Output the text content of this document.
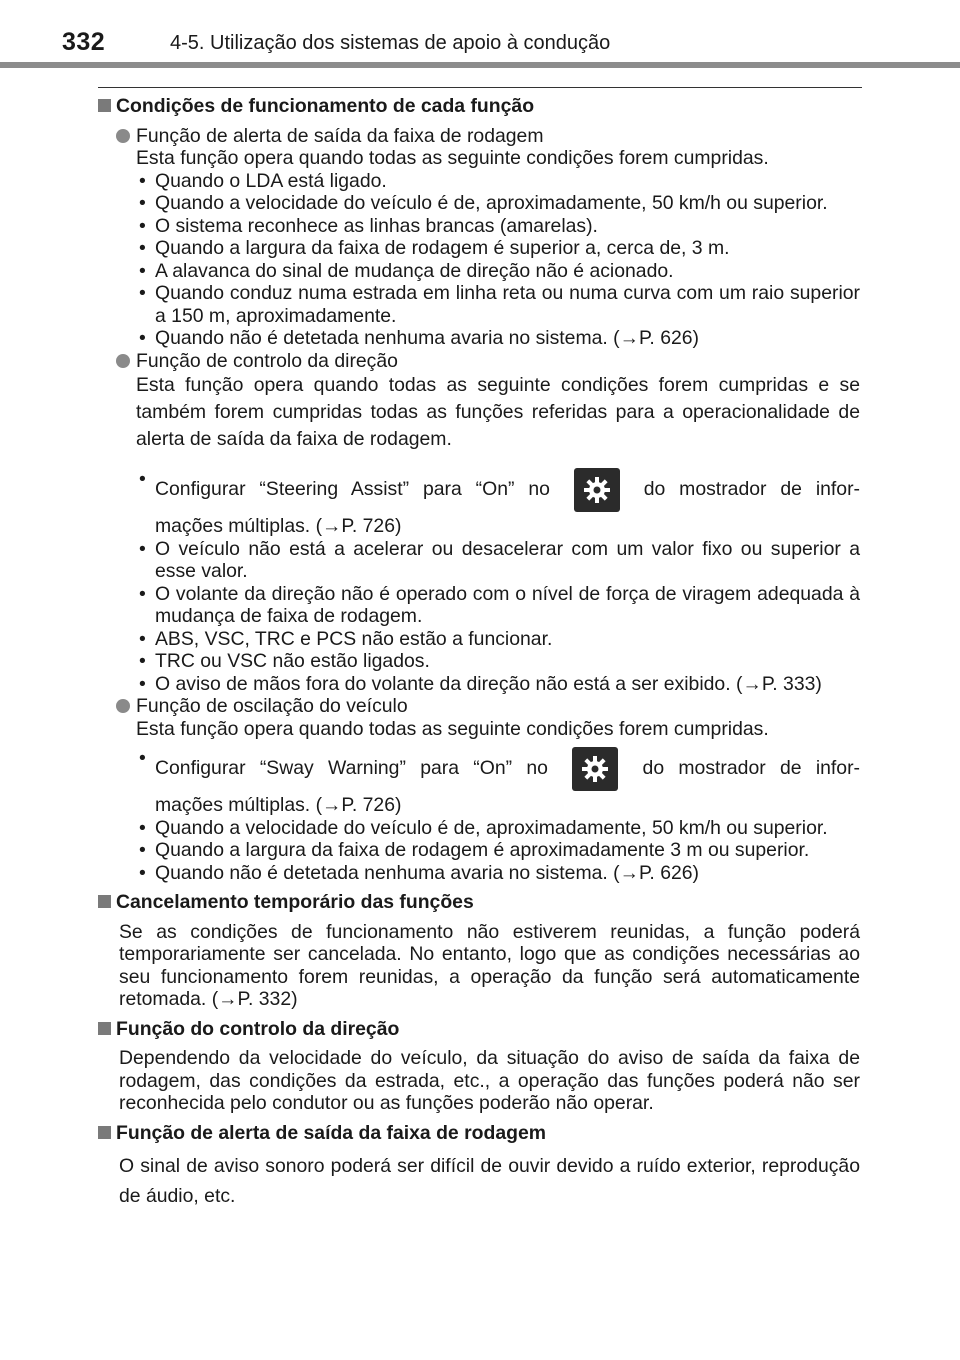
332	4-5. Utilização dos sistemas de apoio à condução
Condições de funcionamento de cada função
Função de alerta de saída da faixa de rodagem
Esta função opera quando todas as seguinte condições forem cumpridas.
• Quando o LDA está ligado.
• Quando a velocidade do veículo é de, aproximadamente, 50 km/h ou superior.
• O sistema reconhece as linhas brancas (amarelas).
• Quando a largura da faixa de rodagem é superior a, cerca de, 3 m.
• A alavanca do sinal de mudança de direção não é acionado.
• Quando conduz numa estrada em linha reta ou numa curva com um raio superior a 150 m, aproximadamente.
• Quando não é detetada nenhuma avaria no sistema. (→P. 626)
Função de controlo da direção
Esta função opera quando todas as seguinte condições forem cumpridas e se também forem cumpridas todas as funções referidas para a operacionalidade de alerta de saída da faixa de rodagem.
• Configurar “Steering Assist” para “On” no	do mostrador de infor-
mações múltiplas. (→P. 726)
• O veículo não está a acelerar ou desacelerar com um valor fixo ou superior a esse valor.
• O volante da direção não é operado com o nível de força de viragem adequada à mudança de faixa de rodagem.
• ABS, VSC, TRC e PCS não estão a funcionar.
• TRC ou VSC não estão ligados.
• O aviso de mãos fora do volante da direção não está a ser exibido. (→P. 333)
Função de oscilação do veículo
Esta função opera quando todas as seguinte condições forem cumpridas.
• Configurar “Sway Warning” para “On” no	do mostrador de infor-
mações múltiplas. (→P. 726)
• Quando a velocidade do veículo é de, aproximadamente, 50 km/h ou superior.
• Quando a largura da faixa de rodagem é aproximadamente 3 m ou superior.
• Quando não é detetada nenhuma avaria no sistema. (→P. 626)
Cancelamento temporário das funções
Se as condições de funcionamento não estiverem reunidas, a função poderá temporariamente ser cancelada. No entanto, logo que as condições necessárias ao seu funcionamento forem reunidas, a operação da função será automaticamente retomada. (→P. 332)
Função do controlo da direção
Dependendo da velocidade do veículo, da situação do aviso de saída da faixa de rodagem, das condições da estrada, etc., a operação das funções poderá não ser reconhecida pelo condutor ou as funções poderão não operar.
Função de alerta de saída da faixa de rodagem
O sinal de aviso sonoro poderá ser difícil de ouvir devido a ruído exterior, reprodução de áudio, etc.
